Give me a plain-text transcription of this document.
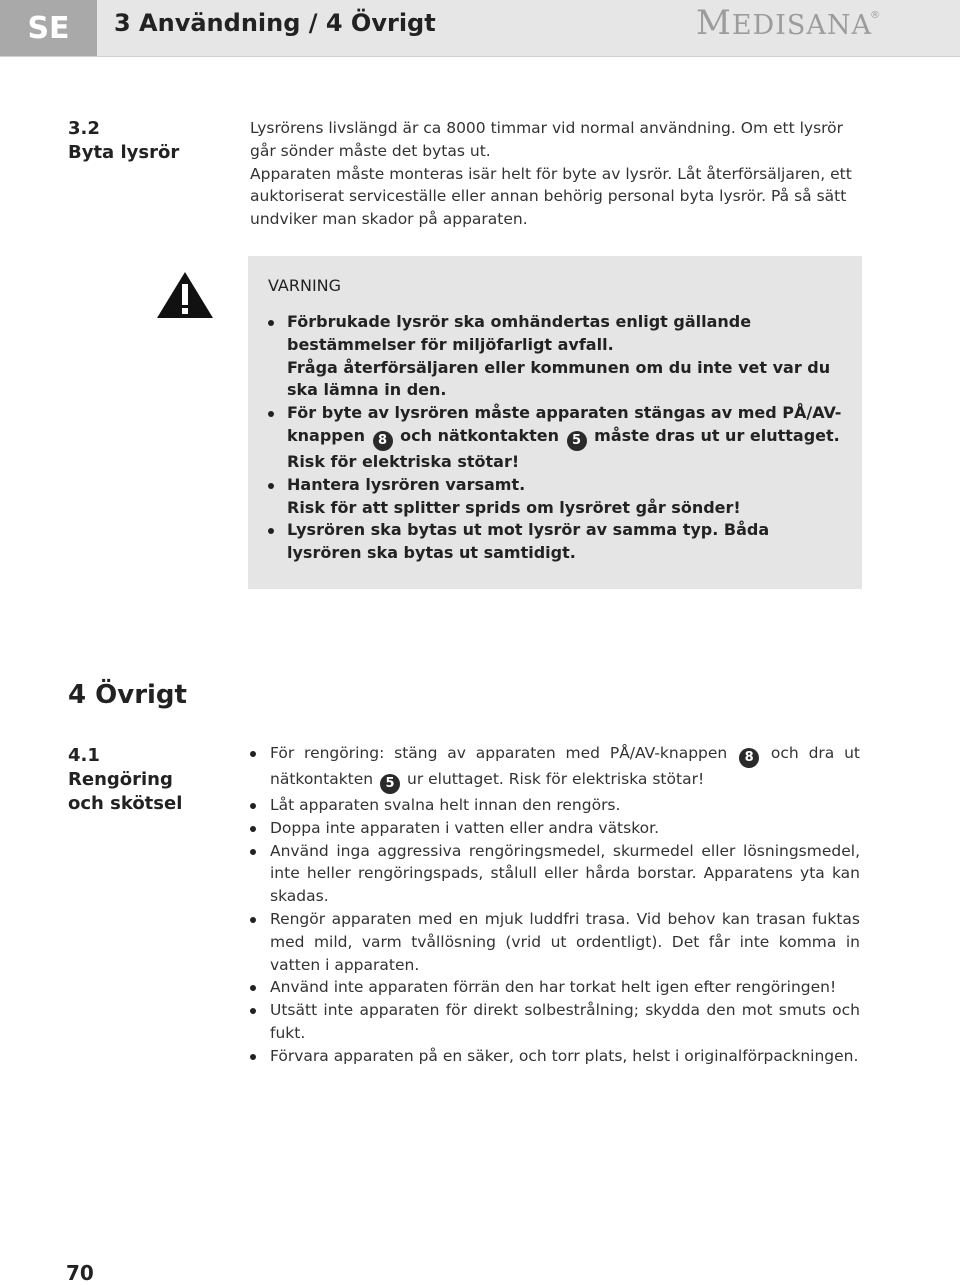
SE	3 Användning / 4 Övrigt	MEDISANA
®
3.2
Byta lysrör

Lysrörens livslängd är ca 8000 timmar vid normal användning. Om ett lysrör går sönder måste det bytas ut.

Apparaten måste monteras isär helt för byte av lysrör. Låt återförsäljaren, ett auktoriserat serviceställe eller annan behörig personal byta lysrör. På så sätt undviker man skador på apparaten.

VARNING
Förbrukade lysrör ska omhändertas enligt gällande bestämmelser för miljöfarligt avfall.
Fråga återförsäljaren eller kommunen om du inte vet var du ska lämna in den.
För byte av lysrören måste apparaten stängas av med PÅ/AV-knappen 8 och nätkontakten 5 måste dras ut ur eluttaget.
Risk för elektriska stötar!
Hantera lysrören varsamt.
Risk för att splitter sprids om lysröret går sönder!
Lysrören ska bytas ut mot lysrör av samma typ. Båda lysrören ska bytas ut samtidigt.
4 Övrigt
4.1
Rengöring
och skötsel
För rengöring: stäng av apparaten med PÅ/AV-knappen 8 och dra ut nätkontakten 5 ur eluttaget. Risk för elektriska stötar!
Låt apparaten svalna helt innan den rengörs.
Doppa inte apparaten i vatten eller andra vätskor.
Använd inga aggressiva rengöringsmedel, skurmedel eller lösningsmedel, inte heller rengöringspads, stålull eller hårda borstar. Apparatens yta kan skadas.
Rengör apparaten med en mjuk luddfri trasa. Vid behov kan trasan fuktas med mild, varm tvållösning (vrid ut ordentligt). Det får inte komma in vatten i apparaten.
Använd inte apparaten förrän den har torkat helt igen efter rengöringen!
Utsätt inte apparaten för direkt solbestrålning; skydda den mot smuts och fukt.
Förvara apparaten på en säker, och torr plats, helst i originalförpackningen.
70
